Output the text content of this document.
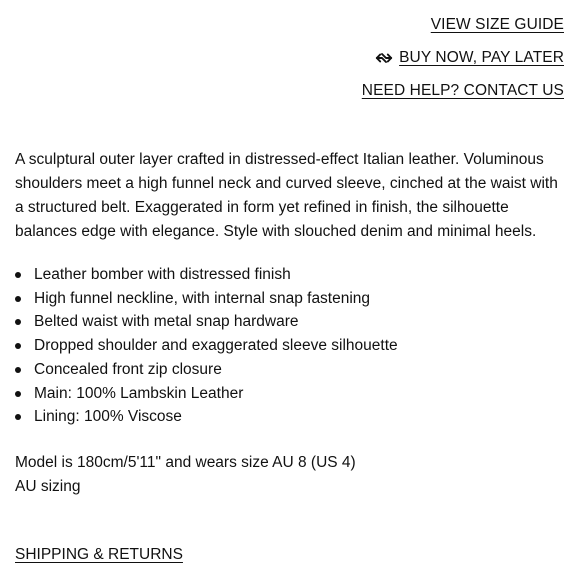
VIEW SIZE GUIDE
BUY NOW, PAY LATER
NEED HELP? CONTACT US

A sculptural outer layer crafted in distressed-effect Italian leather. Voluminous shoulders meet a high funnel neck and curved sleeve, cinched at the waist with a structured belt. Exaggerated in form yet refined in finish, the silhouette balances edge with elegance. Style with slouched denim and minimal heels.

Leather bomber with distressed finish
High funnel neckline, with internal snap fastening
Belted waist with metal snap hardware
Dropped shoulder and exaggerated sleeve silhouette
Concealed front zip closure
Main: 100% Lambskin Leather
Lining: 100% Viscose
Model is 180cm/5'11" and wears size AU 8 (US 4)
AU sizing
SHIPPING & RETURNS
